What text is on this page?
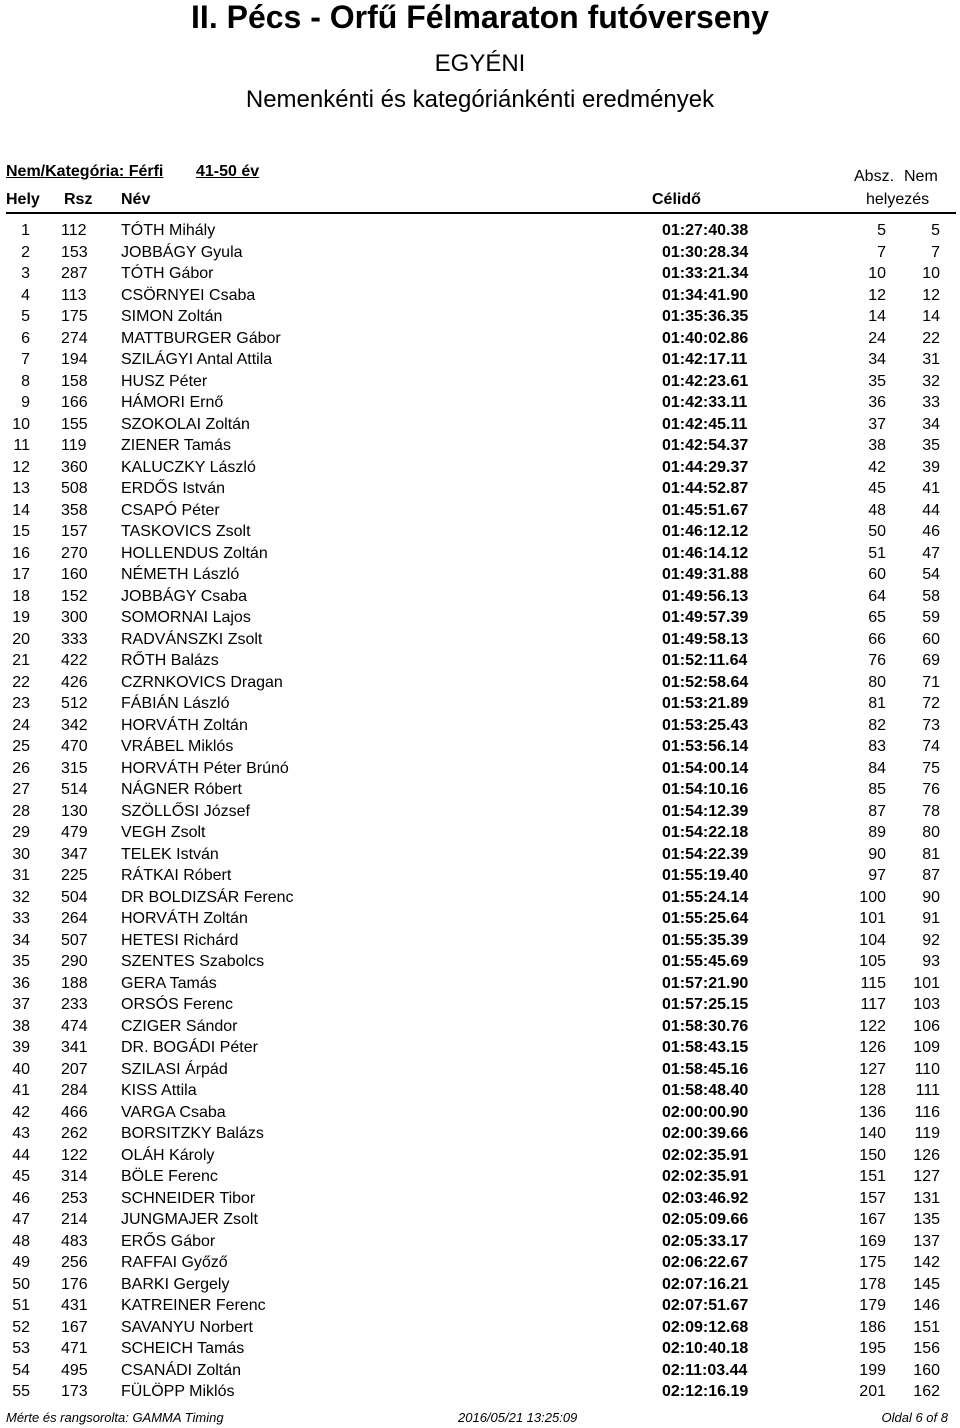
II. Pécs - Orfű Félmaraton futóverseny
EGYÉNI
Nemenkénti és kategóriánkénti eredmények
Nem/Kategória: Férfi 41-50 év	Absz. Nem
Hely Rsz Név	Célidő	helyezés
1 112 TÓTH Mihály	01:27:40.38	5	5
2 153 JOBBÁGY Gyula	01:30:28.34	7	7
3 287 TÓTH Gábor	01:33:21.34	10	10
4 113 CSÖRNYEI Csaba	01:34:41.90	12	12
5 175 SIMON Zoltán	01:35:36.35	14	14
6 274 MATTBURGER Gábor	01:40:02.86	24	22
7 194 SZILÁGYI Antal Attila	01:42:17.11	34	31
8 158 HUSZ Péter	01:42:23.61	35	32
9 166 HÁMORI Ernő	01:42:33.11	36	33
10 155 SZOKOLAI Zoltán	01:42:45.11	37	34
11 119 ZIENER Tamás	01:42:54.37	38	35
12 360 KALUCZKY László	01:44:29.37	42	39
13 508 ERDŐS István	01:44:52.87	45	41
14 358 CSAPÓ Péter	01:45:51.67	48	44
15 157 TASKOVICS Zsolt	01:46:12.12	50	46
16 270 HOLLENDUS Zoltán	01:46:14.12	51	47
17 160 NÉMETH László	01:49:31.88	60	54
18 152 JOBBÁGY Csaba	01:49:56.13	64	58
19 300 SOMORNAI Lajos	01:49:57.39	65	59
20 333 RADVÁNSZKI Zsolt	01:49:58.13	66	60
21 422 RŐTH Balázs	01:52:11.64	76	69
22 426 CZRNKOVICS Dragan	01:52:58.64	80	71
23 512 FÁBIÁN László	01:53:21.89	81	72
24 342 HORVÁTH Zoltán	01:53:25.43	82	73
25 470 VRÁBEL Miklós	01:53:56.14	83	74
26 315 HORVÁTH Péter Brúnó	01:54:00.14	84	75
27 514 NÁGNER Róbert	01:54:10.16	85	76
28 130 SZÖLLŐSI József	01:54:12.39	87	78
29 479 VEGH Zsolt	01:54:22.18	89	80
30 347 TELEK István	01:54:22.39	90	81
31 225 RÁTKAI Róbert	01:55:19.40	97	87
32 504 DR BOLDIZSÁR Ferenc	01:55:24.14	100	90
33 264 HORVÁTH Zoltán	01:55:25.64	101	91
34 507 HETESI Richárd	01:55:35.39	104	92
35 290 SZENTES Szabolcs	01:55:45.69	105	93
36 188 GERA Tamás	01:57:21.90	115	101
37 233 ORSÓS Ferenc	01:57:25.15	117	103
38 474 CZIGER Sándor	01:58:30.76	122	106
39 341 DR. BOGÁDI Péter	01:58:43.15	126	109
40 207 SZILASI Árpád	01:58:45.16	127	110
41 284 KISS Attila	01:58:48.40	128	111
42 466 VARGA Csaba	02:00:00.90	136	116
43 262 BORSITZKY Balázs	02:00:39.66	140	119
44 122 OLÁH Károly	02:02:35.91	150	126
45 314 BÖLE Ferenc	02:02:35.91	151	127
46 253 SCHNEIDER Tibor	02:03:46.92	157	131
47 214 JUNGMAJER Zsolt	02:05:09.66	167	135
48 483 ERŐS Gábor	02:05:33.17	169	137
49 256 RAFFAI Győző	02:06:22.67	175	142
50 176 BARKI Gergely	02:07:16.21	178	145
51 431 KATREINER Ferenc	02:07:51.67	179	146
52 167 SAVANYU Norbert	02:09:12.68	186	151
53 471 SCHEICH Tamás	02:10:40.18	195	156
54 495 CSANÁDI Zoltán	02:11:03.44	199	160
55 173 FÜLÖPP Miklós	02:12:16.19	201	162
Mérte és rangsorolta: GAMMA Timing	2016/05/21 13:25:09	Oldal 6 of 8
